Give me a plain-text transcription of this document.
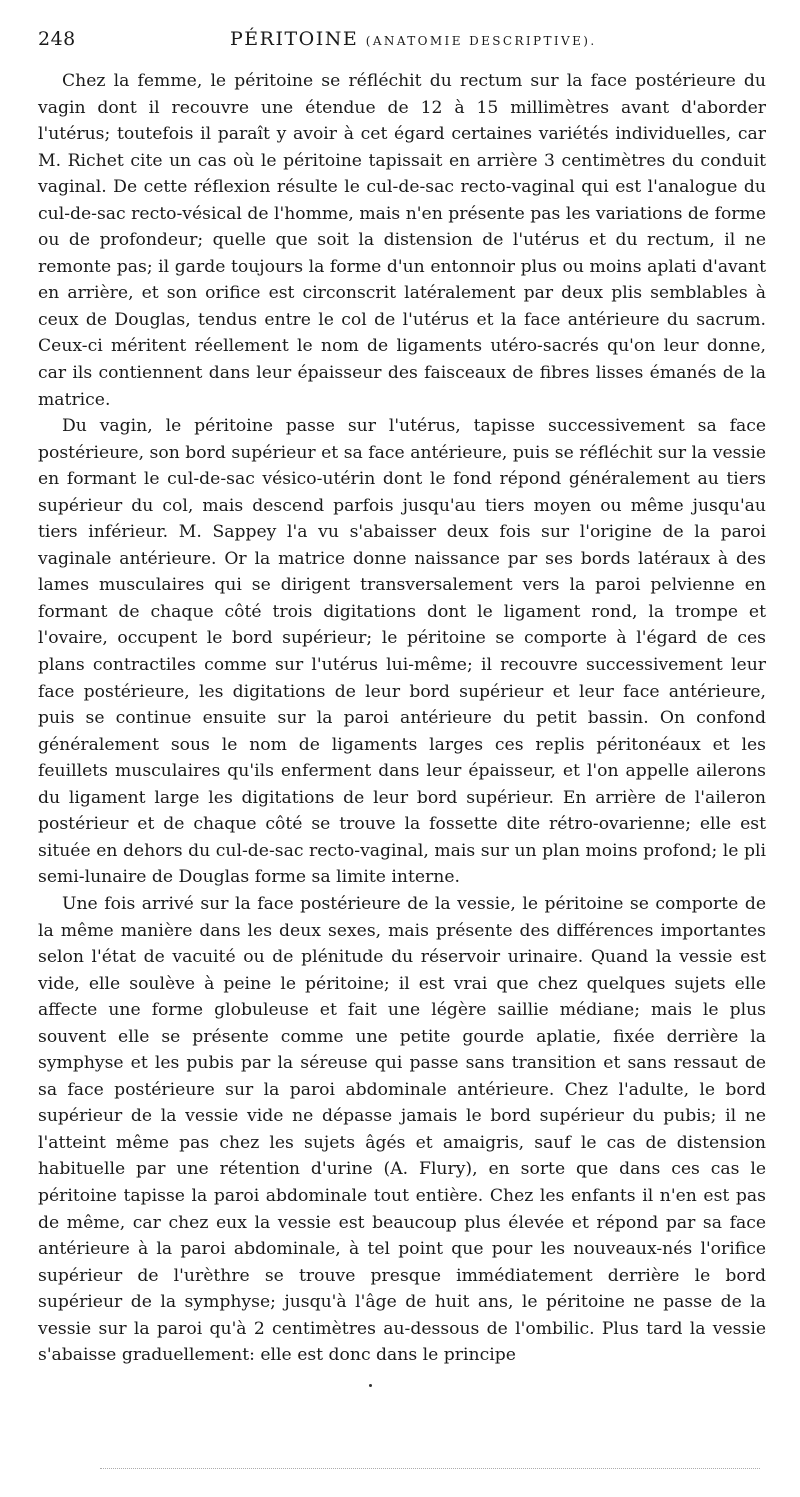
248	PÉRITOINE (ANATOMIE DESCRIPTIVE).

Chez la femme, le péritoine se réfléchit du rectum sur la face postérieure du vagin dont il recouvre une étendue de 12 à 15 millimètres avant d'aborder l'utérus; toutefois il paraît y avoir à cet égard certaines variétés individuelles, car M. Richet cite un cas où le péritoine tapissait en arrière 3 centimètres du conduit vaginal. De cette réflexion résulte le cul-de-sac recto-vaginal qui est l'analogue du cul-de-sac recto-vésical de l'homme, mais n'en présente pas les variations de forme ou de profondeur; quelle que soit la distension de l'utérus et du rectum, il ne remonte pas; il garde toujours la forme d'un entonnoir plus ou moins aplati d'avant en arrière, et son orifice est circonscrit latéralement par deux plis semblables à ceux de Douglas, tendus entre le col de l'utérus et la face antérieure du sacrum. Ceux-ci méritent réellement le nom de ligaments utéro-sacrés qu'on leur donne, car ils contiennent dans leur épaisseur des faisceaux de fibres lisses émanés de la matrice.

Du vagin, le péritoine passe sur l'utérus, tapisse successivement sa face postérieure, son bord supérieur et sa face antérieure, puis se réfléchit sur la vessie en formant le cul-de-sac vésico-utérin dont le fond répond généralement au tiers supérieur du col, mais descend parfois jusqu'au tiers moyen ou même jusqu'au tiers inférieur. M. Sappey l'a vu s'abaisser deux fois sur l'origine de la paroi vaginale antérieure. Or la matrice donne naissance par ses bords latéraux à des lames musculaires qui se dirigent transversalement vers la paroi pelvienne en formant de chaque côté trois digitations dont le ligament rond, la trompe et l'ovaire, occupent le bord supérieur; le péritoine se comporte à l'égard de ces plans contractiles comme sur l'utérus lui-même; il recouvre successivement leur face postérieure, les digitations de leur bord supérieur et leur face antérieure, puis se continue ensuite sur la paroi antérieure du petit bassin. On confond généralement sous le nom de ligaments larges ces replis péritonéaux et les feuillets musculaires qu'ils enferment dans leur épaisseur, et l'on appelle ailerons du ligament large les digitations de leur bord supérieur. En arrière de l'aileron postérieur et de chaque côté se trouve la fossette dite rétro-ovarienne; elle est située en dehors du cul-de-sac recto-vaginal, mais sur un plan moins profond; le pli semi-lunaire de Douglas forme sa limite interne.

Une fois arrivé sur la face postérieure de la vessie, le péritoine se comporte de la même manière dans les deux sexes, mais présente des différences importantes selon l'état de vacuité ou de plénitude du réservoir urinaire. Quand la vessie est vide, elle soulève à peine le péritoine; il est vrai que chez quelques sujets elle affecte une forme globuleuse et fait une légère saillie médiane; mais le plus souvent elle se présente comme une petite gourde aplatie, fixée derrière la symphyse et les pubis par la séreuse qui passe sans transition et sans ressaut de sa face postérieure sur la paroi abdominale antérieure. Chez l'adulte, le bord supérieur de la vessie vide ne dépasse jamais le bord supérieur du pubis; il ne l'atteint même pas chez les sujets âgés et amaigris, sauf le cas de distension habituelle par une rétention d'urine (A. Flury), en sorte que dans ces cas le péritoine tapisse la paroi abdominale tout entière. Chez les enfants il n'en est pas de même, car chez eux la vessie est beaucoup plus élevée et répond par sa face antérieure à la paroi abdominale, à tel point que pour les nouveaux-nés l'orifice supérieur de l'urèthre se trouve presque immédiatement derrière le bord supérieur de la symphyse; jusqu'à l'âge de huit ans, le péritoine ne passe de la vessie sur la paroi qu'à 2 centimètres au-dessous de l'ombilic. Plus tard la vessie s'abaisse graduellement: elle est donc dans le principe
